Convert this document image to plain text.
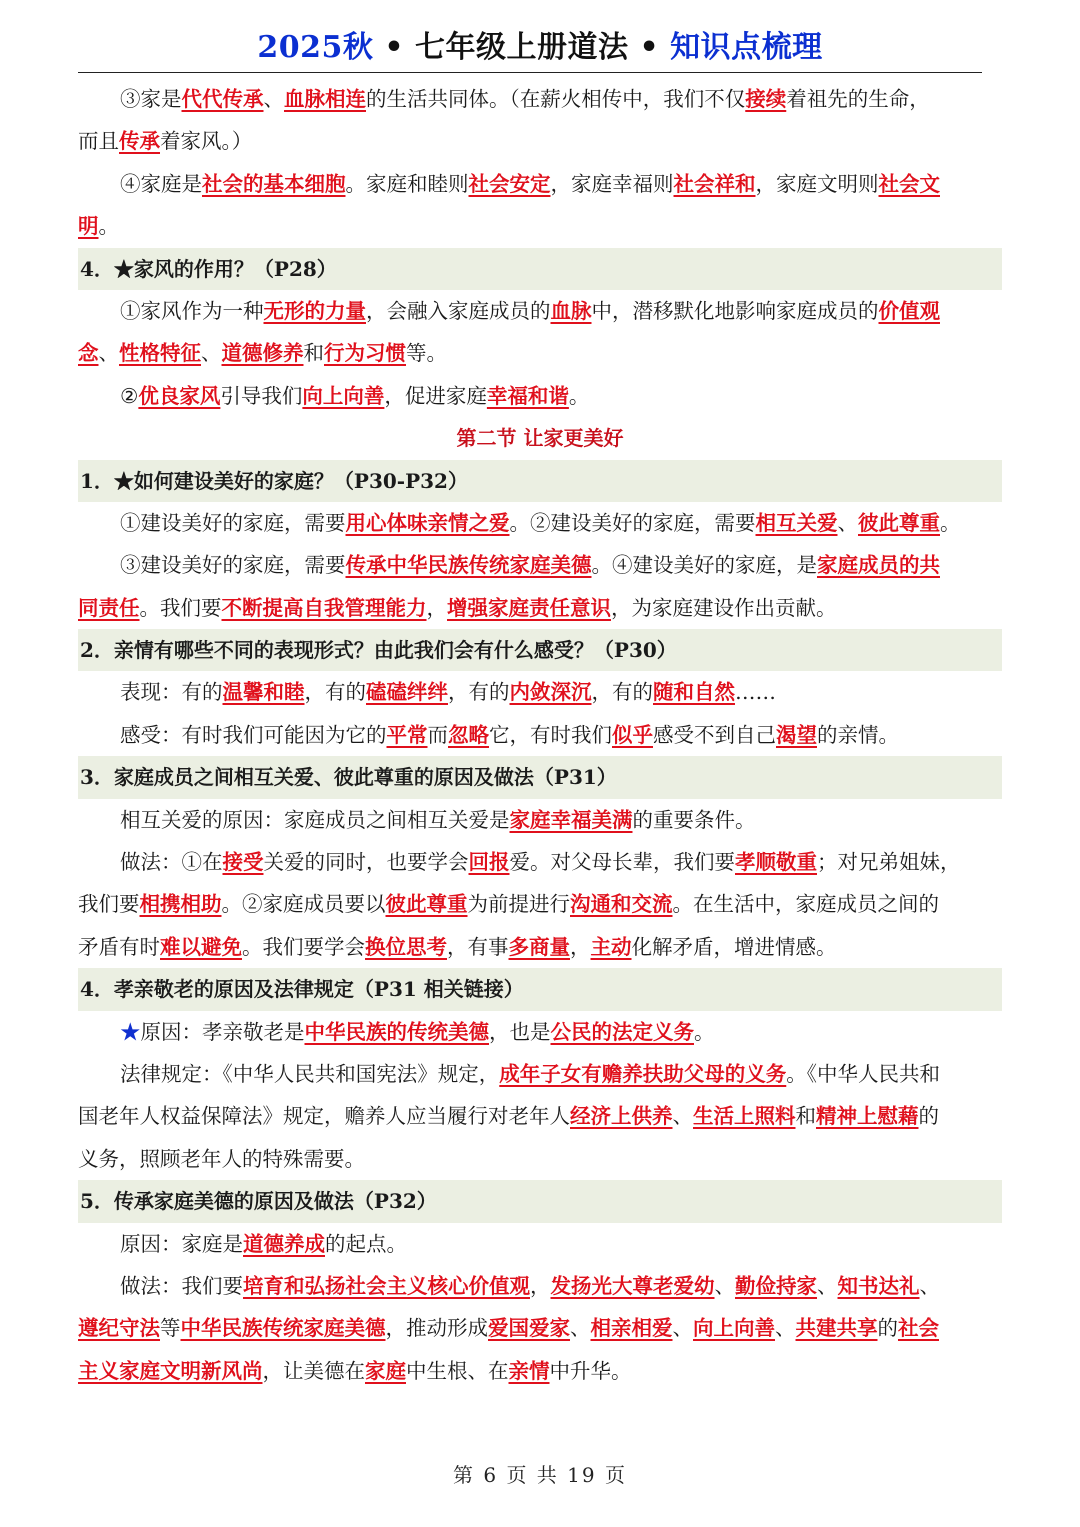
2025秋 • 七年级上册道法 • 知识点梳理
③家是代代传承、血脉相连的生活共同体。（在薪火相传中，我们不仅接续着祖先的生命，
而且传承着家风。）
④家庭是社会的基本细胞。家庭和睦则社会安定，家庭幸福则社会祥和，家庭文明则社会文
明。
4．★家风的作用？（P28）
①家风作为一种无形的力量，会融入家庭成员的血脉中，潜移默化地影响家庭成员的价值观
念、性格特征、道德修养和行为习惯等。
②优良家风引导我们向上向善，促进家庭幸福和谐。
第二节 让家更美好
1．★如何建设美好的家庭？（P30-P32）
①建设美好的家庭，需要用心体味亲情之爱。②建设美好的家庭，需要相互关爱、彼此尊重。
③建设美好的家庭，需要传承中华民族传统家庭美德。④建设美好的家庭，是家庭成员的共
同责任。我们要不断提高自我管理能力，增强家庭责任意识，为家庭建设作出贡献。
2．亲情有哪些不同的表现形式？由此我们会有什么感受？（P30）
表现：有的温馨和睦，有的磕磕绊绊，有的内敛深沉，有的随和自然……
感受：有时我们可能因为它的平常而忽略它，有时我们似乎感受不到自己渴望的亲情。
3．家庭成员之间相互关爱、彼此尊重的原因及做法（P31）
相互关爱的原因：家庭成员之间相互关爱是家庭幸福美满的重要条件。
做法：①在接受关爱的同时，也要学会回报爱。对父母长辈，我们要孝顺敬重；对兄弟姐妹，
我们要相携相助。②家庭成员要以彼此尊重为前提进行沟通和交流。在生活中，家庭成员之间的
矛盾有时难以避免。我们要学会换位思考，有事多商量，主动化解矛盾，增进情感。
4．孝亲敬老的原因及法律规定（P31 相关链接）
★原因：孝亲敬老是中华民族的传统美德，也是公民的法定义务。
法律规定：《中华人民共和国宪法》规定，成年子女有赡养扶助父母的义务。《中华人民共和
国老年人权益保障法》规定，赡养人应当履行对老年人经济上供养、生活上照料和精神上慰藉的
义务，照顾老年人的特殊需要。
5．传承家庭美德的原因及做法（P32）
原因：家庭是道德养成的起点。
做法：我们要培育和弘扬社会主义核心价值观，发扬光大尊老爱幼、勤俭持家、知书达礼、
遵纪守法等中华民族传统家庭美德，推动形成爱国爱家、相亲相爱、向上向善、共建共享的社会
主义家庭文明新风尚，让美德在家庭中生根、在亲情中升华。
第 6 页 共 19 页
